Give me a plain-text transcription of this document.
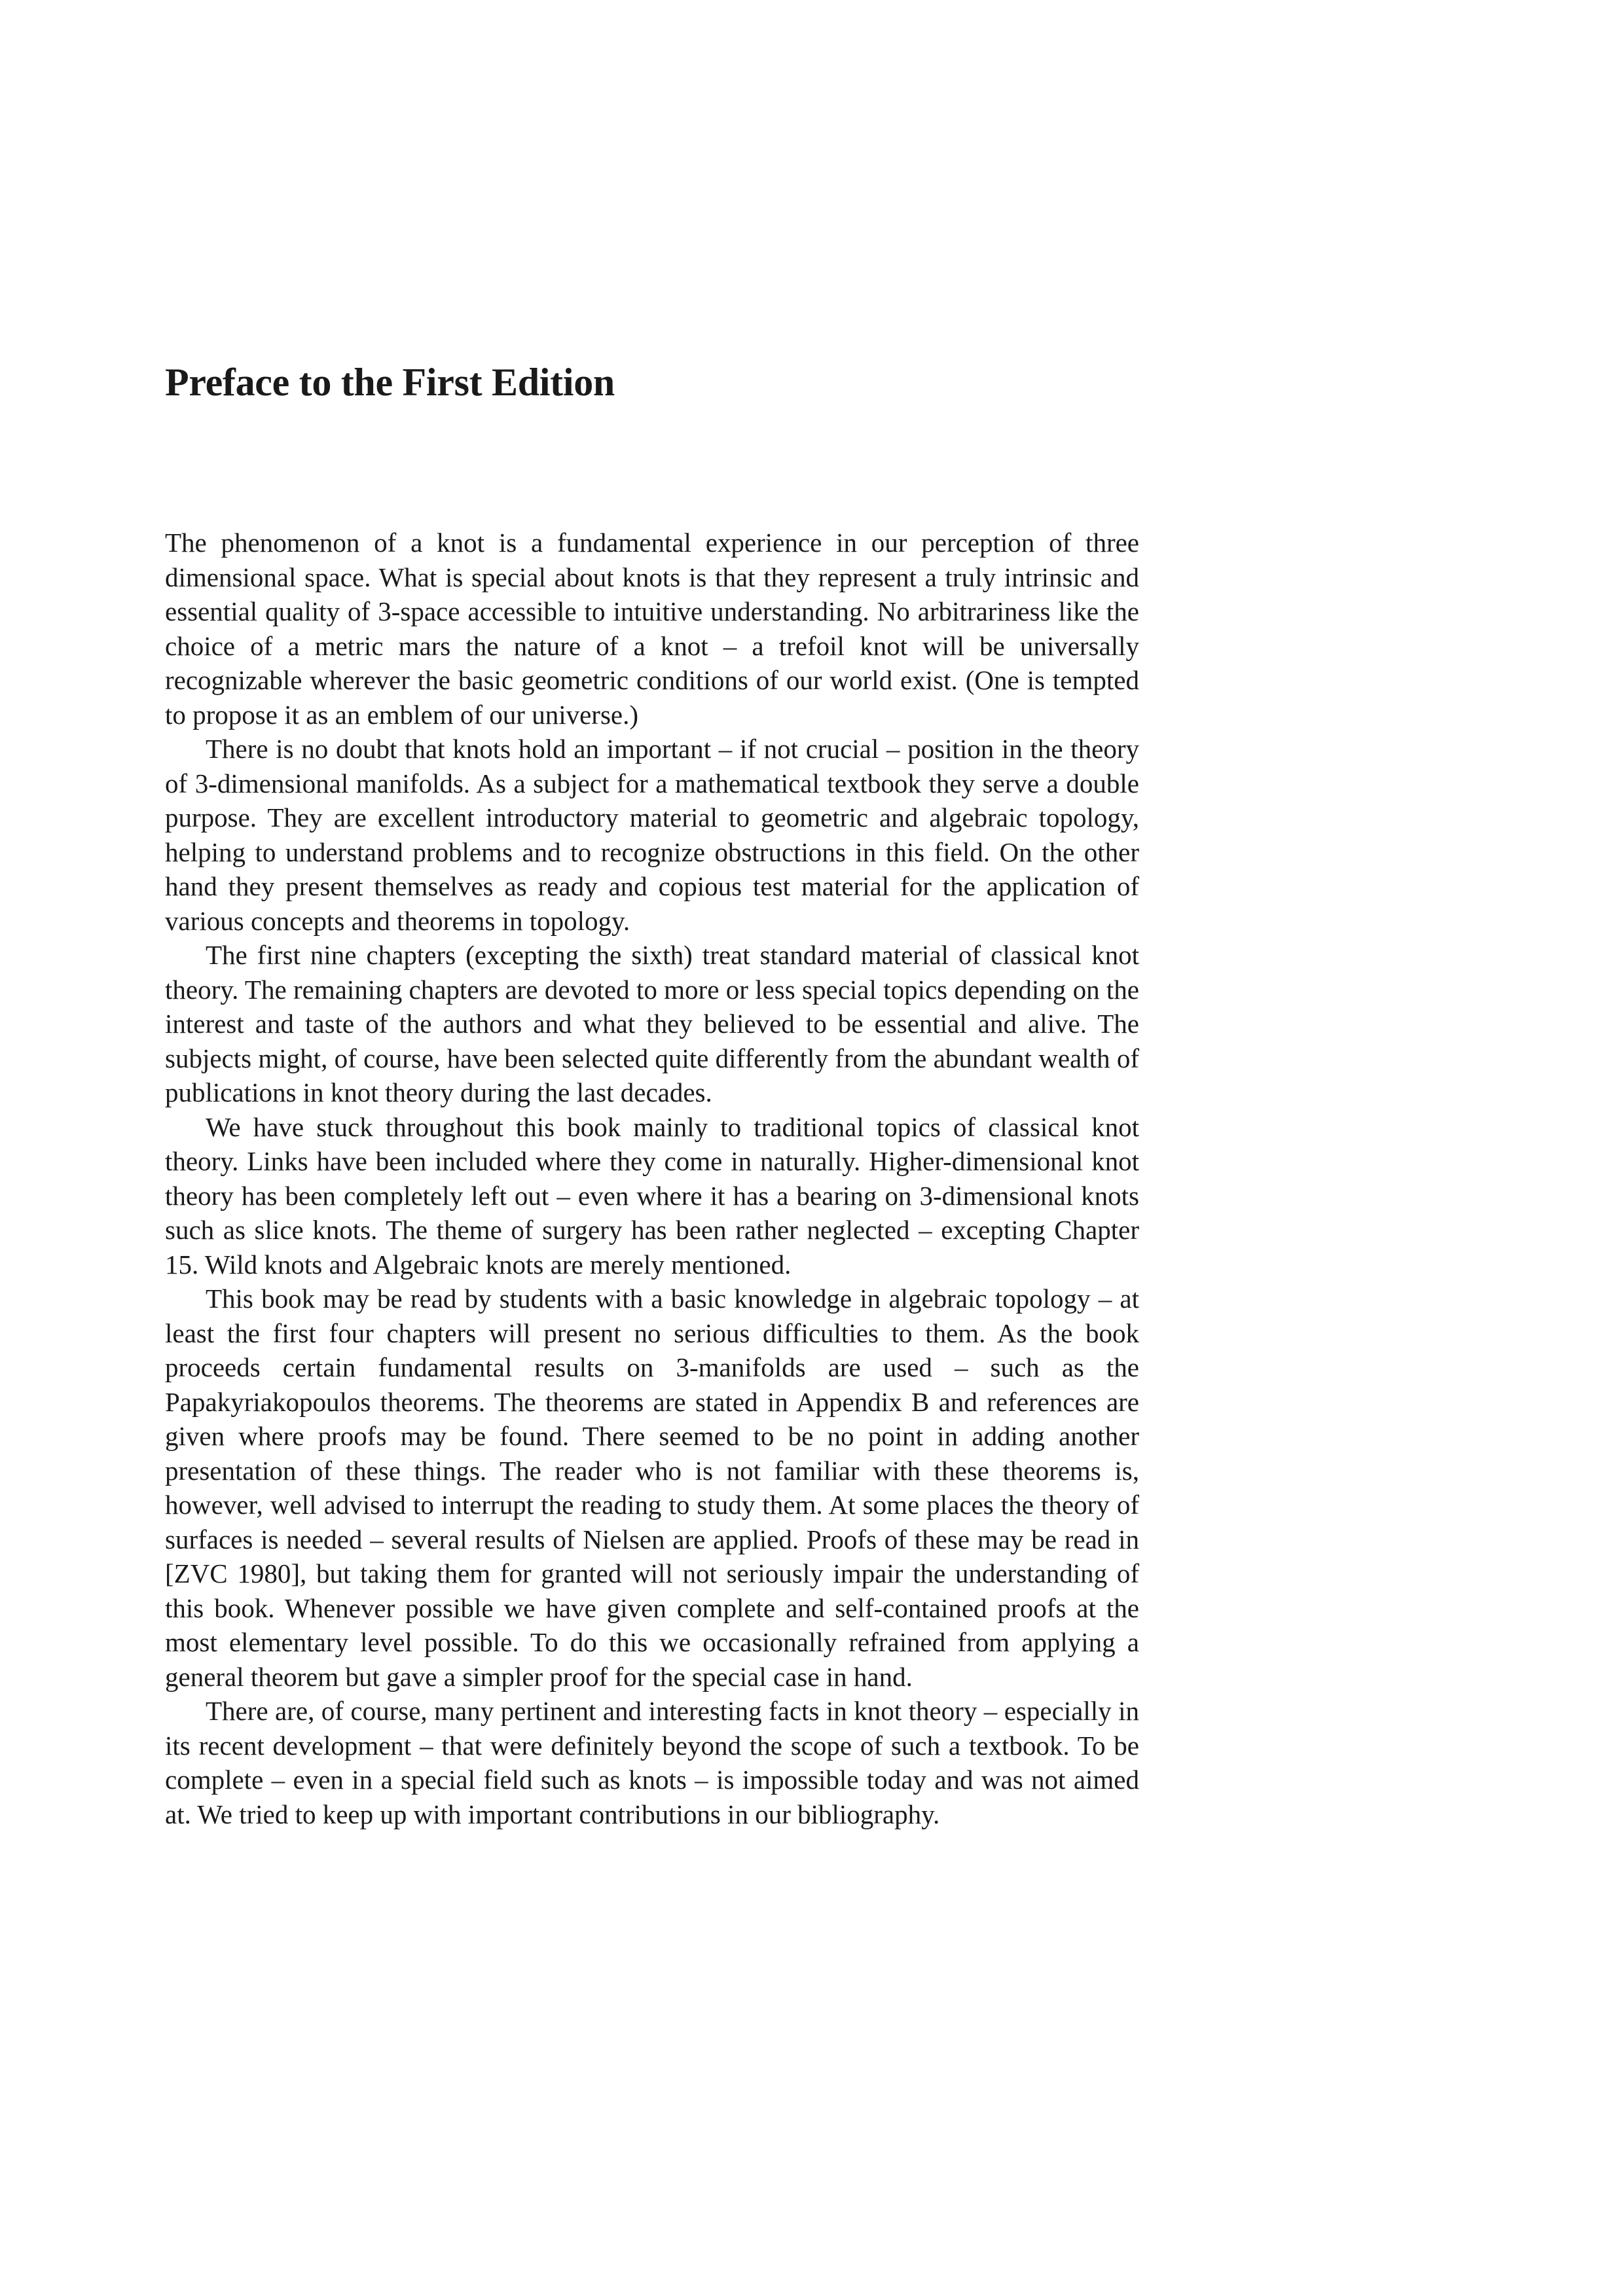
Preface to the First Edition

The phenomenon of a knot is a fundamental experience in our perception of three dimensional space. What is special about knots is that they represent a truly intrinsic and essential quality of 3-space accessible to intuitive understanding. No arbitrariness like the choice of a metric mars the nature of a knot – a trefoil knot will be universally recognizable wherever the basic geometric conditions of our world exist. (One is tempted to propose it as an emblem of our universe.)

There is no doubt that knots hold an important – if not crucial – position in the theory of 3-dimensional manifolds. As a subject for a mathematical textbook they serve a double purpose. They are excellent introductory material to geometric and algebraic topology, helping to understand problems and to recognize obstructions in this field. On the other hand they present themselves as ready and copious test material for the application of various concepts and theorems in topology.

The first nine chapters (excepting the sixth) treat standard material of classical knot theory. The remaining chapters are devoted to more or less special topics depending on the interest and taste of the authors and what they believed to be essential and alive. The subjects might, of course, have been selected quite differently from the abundant wealth of publications in knot theory during the last decades.

We have stuck throughout this book mainly to traditional topics of classical knot theory. Links have been included where they come in naturally. Higher-dimensional knot theory has been completely left out – even where it has a bearing on 3-dimensional knots such as slice knots. The theme of surgery has been rather neglected – excepting Chapter 15. Wild knots and Algebraic knots are merely mentioned.

This book may be read by students with a basic knowledge in algebraic topology – at least the first four chapters will present no serious difficulties to them. As the book proceeds certain fundamental results on 3-manifolds are used – such as the Papakyriakopoulos theorems. The theorems are stated in Appendix B and references are given where proofs may be found. There seemed to be no point in adding another presentation of these things. The reader who is not familiar with these theorems is, however, well advised to interrupt the reading to study them. At some places the theory of surfaces is needed – several results of Nielsen are applied. Proofs of these may be read in [ZVC 1980], but taking them for granted will not seriously impair the understanding of this book. Whenever possible we have given complete and self-contained proofs at the most elementary level possible. To do this we occasionally refrained from applying a general theorem but gave a simpler proof for the special case in hand.

There are, of course, many pertinent and interesting facts in knot theory – especially in its recent development – that were definitely beyond the scope of such a textbook. To be complete – even in a special field such as knots – is impossible today and was not aimed at. We tried to keep up with important contributions in our bibliography.
